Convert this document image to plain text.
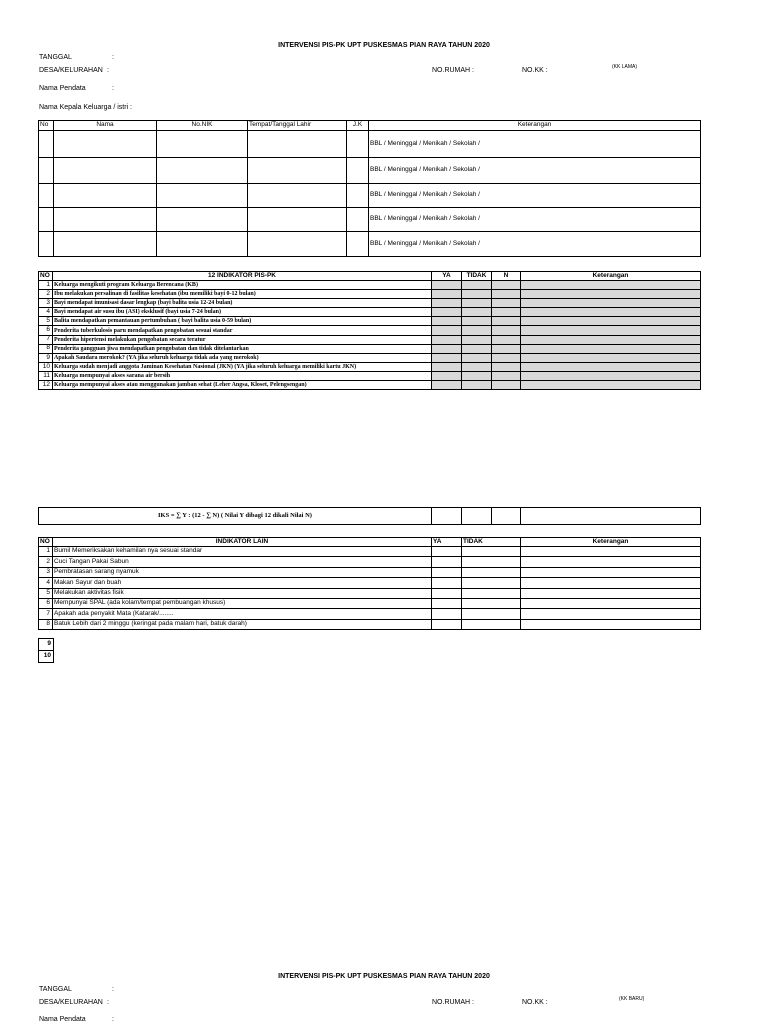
INTERVENSI PIS-PK UPT PUSKESMAS PIAN RAYA TAHUN 2020
TANGGAL	:
DESA/KELURAHAN :	NO.RUMAH :	NO.KK :	(KK LAMA)
Nama Pendata	:
Nama Kepala Keluarga / istri :
No	Nama	No.NIK	Tempat/Tanggal Lahir	J.K	Keterangan
					BBL / Meninggal / Menikah / Sekolah /
					BBL / Meninggal / Menikah / Sekolah /
					BBL / Meninggal / Menikah / Sekolah /
					BBL / Meninggal / Menikah / Sekolah /
					BBL / Meninggal / Menikah / Sekolah /
NO	12 INDIKATOR PIS-PK	YA	TIDAK	N	Keterangan
1	Keluarga mengikuti program Keluarga Berencana (KB)				
2	Ibu melakukan persalinan di fasilitas kesehatan (ibu memiliki bayi 0-12 bulan)				
3	Bayi mendapat imunisasi dasar lengkap (bayi balita usia 12-24 bulan)				
4	Bayi mendapat air susu ibu (ASI) eksklusif (bayi usia 7-24 bulan)				
5	Balita mendapatkan pemantauan pertumbuhan ( bayi balita usia 0-59 bulan)				
6	Penderita tuberkulosis paru mendapatkan pengobatan sesuai standar				
7	Penderita hipertensi melakukan pengobatan secara teratur				
8	Penderita gangguan jiwa mendapatkan pengobatan dan tidak ditelantarkan				
9	Apakah Saudara merokok? (YA jika seluruh keluarga tidak ada yang merokok)				
10	Keluarga sudah menjadi anggota Jaminan Kesehatan Nasional (JKN) (YA jika seluruh keluarga memiliki kartu JKN)				
11	Keluarga mempunyai akses sarana air bersih				
12	Keluarga mempunyai akses atau menggunakan jamban sehat (Leher Angsa, Kloset, Pelengsengan)				
IKS = ∑ Y : (12 - ∑ N) ( Nilai Y dibagi 12 dikali Nilai N)				
NO	INDIKATOR LAIN	YA	TIDAK	Keterangan
1	Bumil Memeriksakan kehamilan nya sesuai standar			
2	Cuci Tangan Pakai Sabun			
3	Pembratasan sarang nyamuk			
4	Makan Sayur dan buah			
5	Melakukan aktivitas fisik			
6	Mempunyai SPAL (ada kolam/tempat pembuangan khusus)			
7	Apakah ada penyakit Mata (Katarak/........			
8	Batuk Lebih dari 2 minggu (keringat pada malam hari, batuk darah)			
9
10
INTERVENSI PIS-PK UPT PUSKESMAS PIAN RAYA TAHUN 2020
TANGGAL	:
DESA/KELURAHAN :	NO.RUMAH :	NO.KK :	(KK BARU)
Nama Pendata	:
